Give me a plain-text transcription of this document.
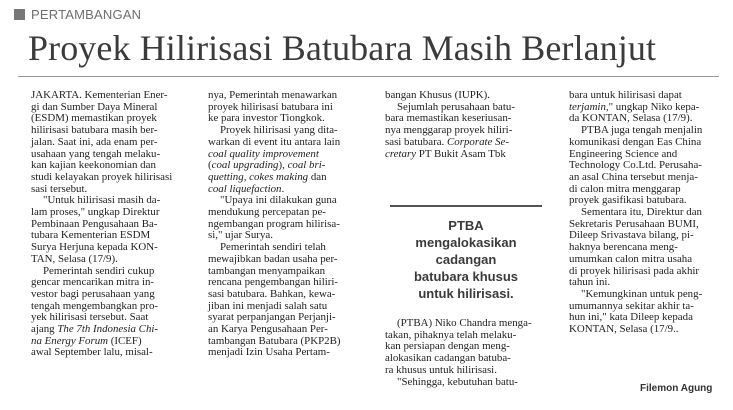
PERTAMBANGAN
Proyek Hilirisasi Batubara Masih Berlanjut

JAKARTA. Kementerian Ener-
gi dan Sumber Daya Mineral
(ESDM) memastikan proyek
hilirisasi batubara masih ber-
jalan. Saat ini, ada enam per-
usahaan yang tengah melaku-
kan kajian keekonomian dan
studi kelayakan proyek hilirisasi
sasi tersebut.

"Untuk hilirisasi masih da-
lam proses," ungkap Direktur
Pembinaan Pengusahaan Ba-
tubara Kementerian ESDM
Surya Herjuna kepada KON-
TAN, Selasa (17/9).

Pemerintah sendiri cukup
gencar mencarikan mitra in-
vestor bagi perusahaan yang
tengah mengembangkan pro-
yek hilirisasi tersebut. Saat
ajang The 7th Indonesia Chi-
na Energy Forum (ICEF)
awal September lalu, misal-

nya, Pemerintah menawarkan
proyek hilirisasi batubara ini
ke para investor Tiongkok.

Proyek hilirisasi yang dita-
warkan di event itu antara lain
coal quality improvement
(coal upgrading), coal bri-
quetting, cokes making dan
coal liquefaction.

"Upaya ini dilakukan guna
mendukung percepatan pe-
ngembangan program hilirisa-
si," ujar Surya.

Pemerintah sendiri telah
mewajibkan badan usaha per-
tambangan menyampaikan
rencana pengembangan hiliri-
sasi batubara. Bahkan, kewa-
jiban ini menjadi salah satu
syarat perpanjangan Perjanji-
an Karya Pengusahaan Per-
tambangan Batubara (PKP2B)
menjadi Izin Usaha Pertam-

bangan Khusus (IUPK).

Sejumlah perusahaan batu-
bara memastikan keseriusan-
nya menggarap proyek hiliri-
sasi batubara. Corporate Se-
cretary PT Bukit Asam Tbk

PTBA
mengalokasikan
cadangan
batubara khusus
untuk hilirisasi.

(PTBA) Niko Chandra menga-
takan, pihaknya telah melaku-
kan persiapan dengan meng-
alokasikan cadangan batuba-
ra khusus untuk hilirisasi.

"Sehingga, kebutuhan batu-

bara untuk hilirisasi dapat
terjamin," ungkap Niko kepa-
da KONTAN, Selasa (17/9).

PTBA juga tengah menjalin
komunikasi dengan Eas China
Engineering Science and
Technology Co.Ltd. Perusaha-
an asal China tersebut menja-
di calon mitra menggarap
proyek gasifikasi batubara.

Sementara itu, Direktur dan
Sekretaris Perusahaan BUMI,
Dileep Srivastava bilang, pi-
haknya berencana meng-
umumkan calon mitra usaha
di proyek hilirisasi pada akhir
tahun ini.

"Kemungkinan untuk peng-
umumannya sekitar akhir ta-
hun ini," kata Dileep kepada
KONTAN, Selasa (17/9..

Filemon Agung
